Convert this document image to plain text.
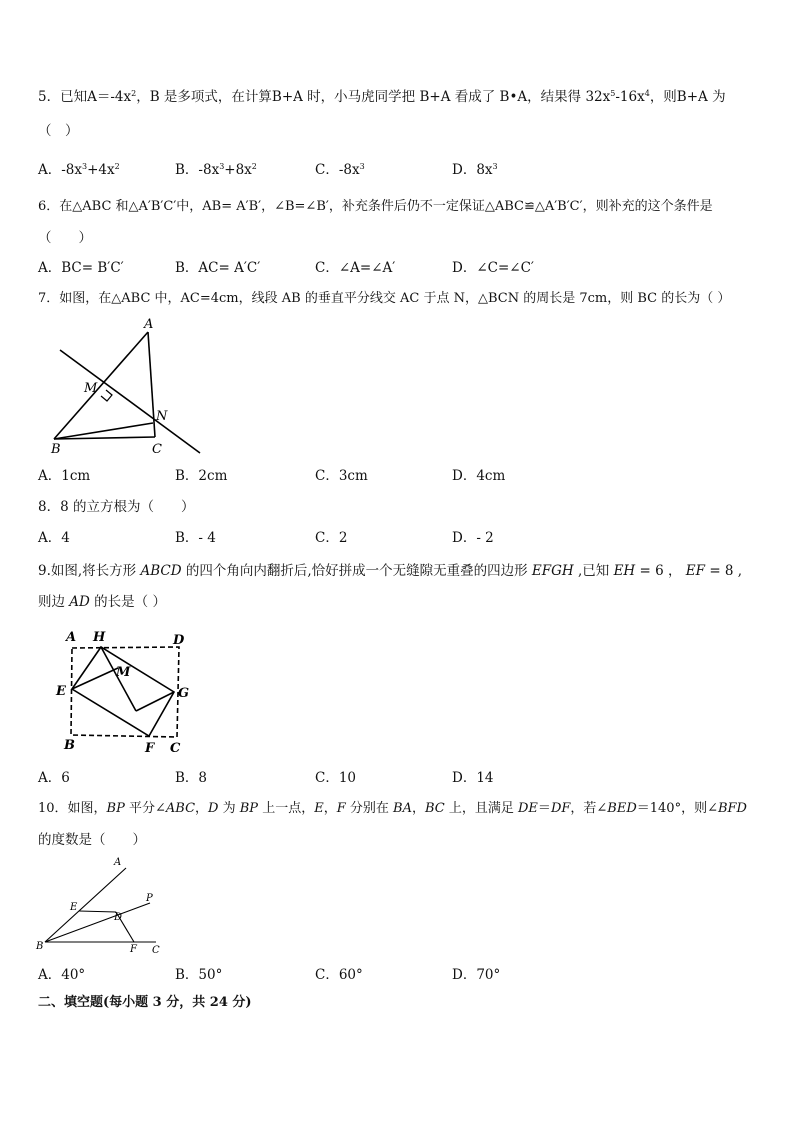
5．已知$A=-4x^2$，B 是多项式，在计算B+A 时，小马虎同学把 B+A 看成了 B•A，结果得 $32x^5-16x^4$，则B+A 为
（　）
A．$-8x^3+4x^2$	B．$-8x^3+8x^2$	C．$-8x^3$	D．$8x^3$
6．在△ABC 和△A′B′C′中，AB= A′B′，∠B=∠B′，补充条件后仍不一定保证△ABC≌△A′B′C′，则补充的这个条件是
（　　）
A．BC= B′C′	B．AC= A′C′	C．∠A=∠A′	D．∠C=∠C′
7．如图，在△ABC 中，AC=4cm，线段 AB 的垂直平分线交 AC 于点 N，△BCN 的周长是 7cm，则 BC 的长为（ ）
A
M
N
B	C
A．1cm	B．2cm	C．3cm	D．4cm
8．8 的立方根为（　　）
A．4	B．- 4	C．2	D．- 2
9.如图,将长方形 ABCD 的四个角向内翻折后,恰好拼成一个无缝隙无重叠的四边形 EFGH ,已知 EH = 6 ， EF = 8 ,
则边 AD 的长是（ ）
A H	D
M
E	G
B	F C
A．6	B．8	C．10	D．14
10．如图，BP 平分∠ABC，D 为 BP 上一点，E，F 分别在 BA，BC 上，且满足 DE＝DF，若∠BED＝140°，则∠BFD
的度数是（　　）
A
P
E
D
B	F C
A．40°	B．50°	C．60°	D．70°
二、填空题(每小题 3 分，共 24 分)
